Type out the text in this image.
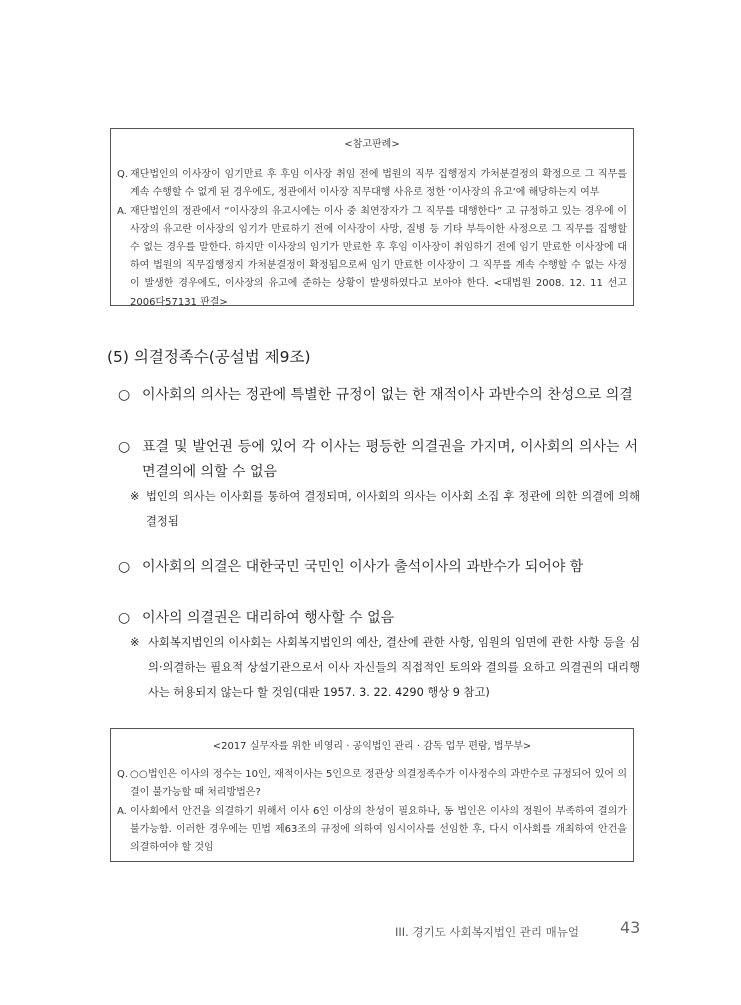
<참고판례>
Q. 재단법인의 이사장이 임기만료 후 후임 이사장 취임 전에 법원의 직무 집행정지 가처분결정의 확정으로 그 직무를 계속 수행할 수 없게 된 경우에도, 정관에서 이사장 직무대행 사유로 정한 ‘이사장의 유고’에 해당하는지 여부
A. 재단법인의 정관에서 “이사장의 유고시에는 이사 중 최연장자가 그 직무를 대행한다” 고 규정하고 있는 경우에 이사장의 유고란 이사장의 임기가 만료하기 전에 이사장이 사망, 질병 등 기타 부득이한 사정으로 그 직무를 집행할 수 없는 경우를 말한다. 하지만 이사장의 임기가 만료한 후 후임 이사장이 취임하기 전에 임기 만료한 이사장에 대하여 법원의 직무집행정지 가처분결정이 확정됨으로써 임기 만료한 이사장이 그 직무를 계속 수행할 수 없는 사정이 발생한 경우에도, 이사장의 유고에 준하는 상황이 발생하였다고 보아야 한다. <대법원 2008. 12. 11 선고 2006다57131 판결>
(5) 의결정족수(공설법 제9조)
○ 이사회의 의사는 정관에 특별한 규정이 없는 한 재적이사 과반수의 찬성으로 의결
○ 표결 및 발언권 등에 있어 각 이사는 평등한 의결권을 가지며, 이사회의 의사는 서면결의에 의할 수 없음
※ 법인의 의사는 이사회를 통하여 결정되며, 이사회의 의사는 이사회 소집 후 정관에 의한 의결에 의해 결정됨
○ 이사회의 의결은 대한국민 국민인 이사가 출석이사의 과반수가 되어야 함
○ 이사의 의결권은 대리하여 행사할 수 없음
※ 사회복지법인의 이사회는 사회복지법인의 예산, 결산에 관한 사항, 임원의 임면에 관한 사항 등을 심의·의결하는 필요적 상설기관으로서 이사 자신들의 직접적인 토의와 결의를 요하고 의결권의 대리행사는 허용되지 않는다 할 것임(대판 1957. 3. 22. 4290 행상 9 참고)
<2017 실무자를 위한 비영리 · 공익법인 관리 · 감독 업무 편람, 법무부>
Q. ○○법인은 이사의 정수는 10인, 재적이사는 5인으로 정관상 의결정족수가 이사정수의 과반수로 규정되어 있어 의결이 불가능할 때 처리방법은?
A. 이사회에서 안건을 의결하기 위해서 이사 6인 이상의 찬성이 필요하나, 동 법인은 이사의 정원이 부족하여 결의가 불가능함. 이러한 경우에는 민법 제63조의 규정에 의하여 임시이사를 선임한 후, 다시 이사회를 개최하여 안건을 의결하여야 할 것임
III. 경기도 사회복지법인 관리 매뉴얼	43
